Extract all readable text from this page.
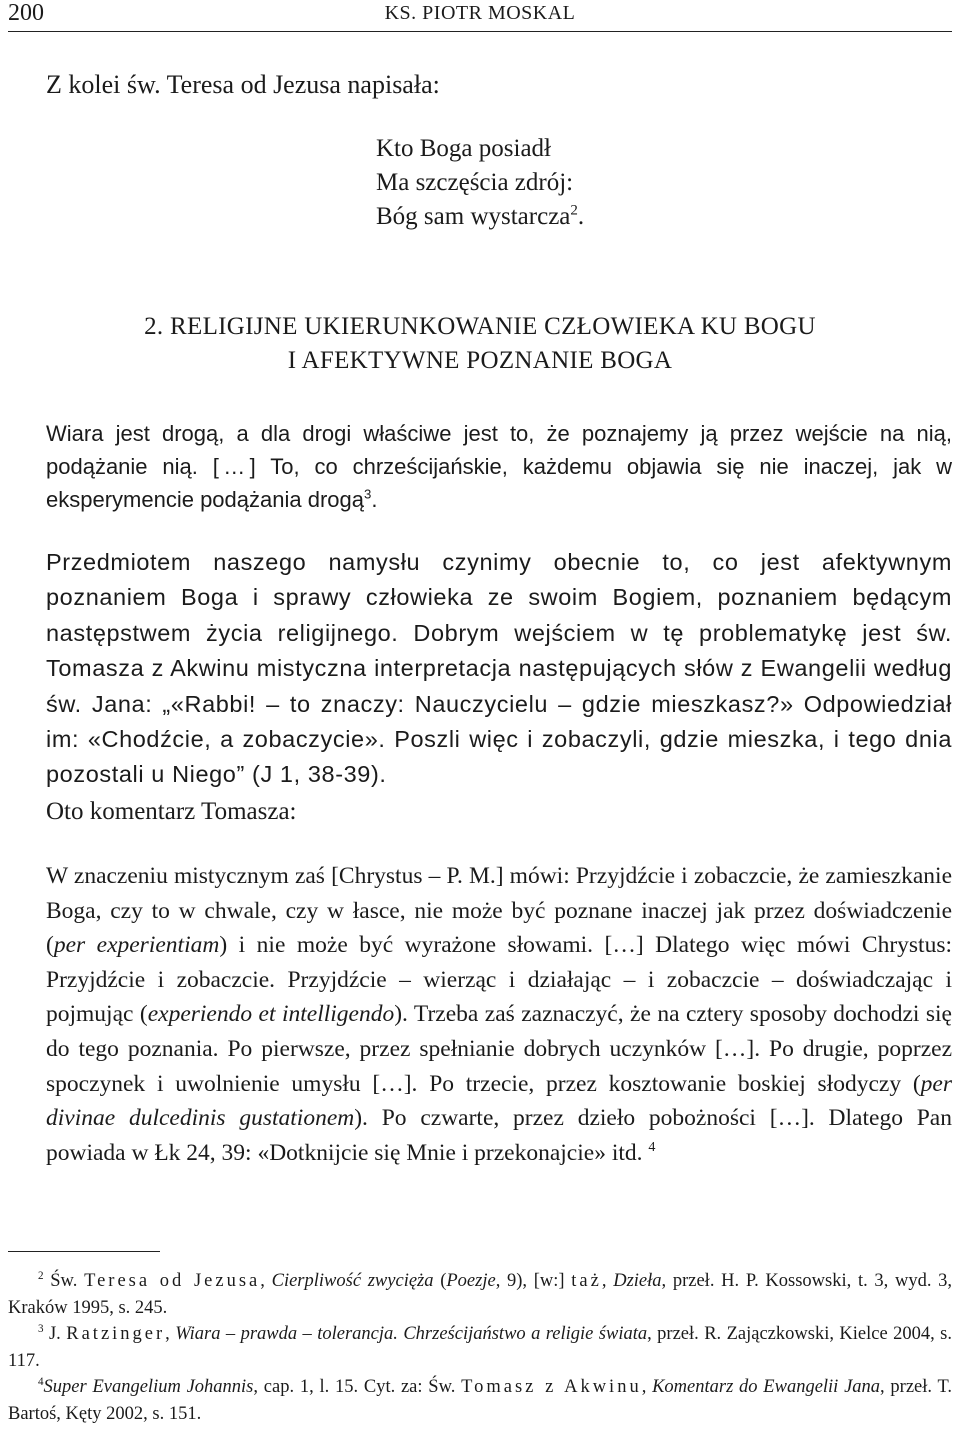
200	KS. PIOTR MOSKAL
Z kolei św. Teresa od Jezusa napisała:
Kto Boga posiadł
Ma szczęścia zdrój:
Bóg sam wystarcza$^2$.
2. RELIGIJNE UKIERUNKOWANIE CZŁOWIEKA KU BOGU
I AFEKTYWNE POZNANIE BOGA
Wiara jest drogą, a dla drogi właściwe jest to, że poznajemy ją przez wejście na nią, podążanie nią. [ … ] To, co chrześcijańskie, każdemu objawia się nie inaczej, jak w eksperymencie podążania drogą$^3$.
Przedmiotem naszego namysłu czynimy obecnie to, co jest afektywnym poznaniem Boga i sprawy człowieka ze swoim Bogiem, poznaniem będącym następstwem życia religijnego. Dobrym wejściem w tę problematykę jest św. Tomasza z Akwinu mistyczna interpretacja następujących słów z Ewangelii według św. Jana: „«Rabbi! – to znaczy: Nauczycielu – gdzie mieszkasz?» Odpowiedział im: «Chodźcie, a zobaczycie». Poszli więc i zobaczyli, gdzie mieszka, i tego dnia pozostali u Niego” (J 1, 38-39).
Oto komentarz Tomasza:
W znaczeniu mistycznym zaś [Chrystus – P. M.] mówi: Przyjdźcie i zobaczcie, że zamieszkanie Boga, czy to w chwale, czy w łasce, nie może być poznane inaczej jak przez doświadczenie (per experientiam) i nie może być wyrażone słowami. […] Dlatego więc mówi Chrystus: Przyjdźcie i zobaczcie. Przyjdźcie – wierząc i działając – i zobaczcie – doświadczając i pojmując (experiendo et intelligendo). Trzeba zaś zaznaczyć, że na cztery sposoby dochodzi się do tego poznania. Po pierwsze, przez spełnianie dobrych uczynków […]. Po drugie, poprzez spoczynek i uwolnienie umysłu […]. Po trzecie, przez kosztowanie boskiej słodyczy (per divinae dulcedinis gustationem). Po czwarte, przez dzieło pobożności […]. Dlatego Pan powiada w Łk 24, 39: «Dotknijcie się Mnie i przekonajcie» itd. $^4$
$^2$ Św. Teresa od Jezusa, Cierpliwość zwycięża (Poezje, 9), [w:] taż, Dzieła, przeł. H. P. Kossowski, t. 3, wyd. 3, Kraków 1995, s. 245.
$^3$ J. Ratzinger, Wiara – prawda – tolerancja. Chrześcijaństwo a religie świata, przeł. R. Zajączkowski, Kielce 2004, s. 117.
$^4$Super Evangelium Johannis, cap. 1, l. 15. Cyt. za: Św. Tomasz z Akwinu, Komentarz do Ewangelii Jana, przeł. T. Bartoś, Kęty 2002, s. 151.
